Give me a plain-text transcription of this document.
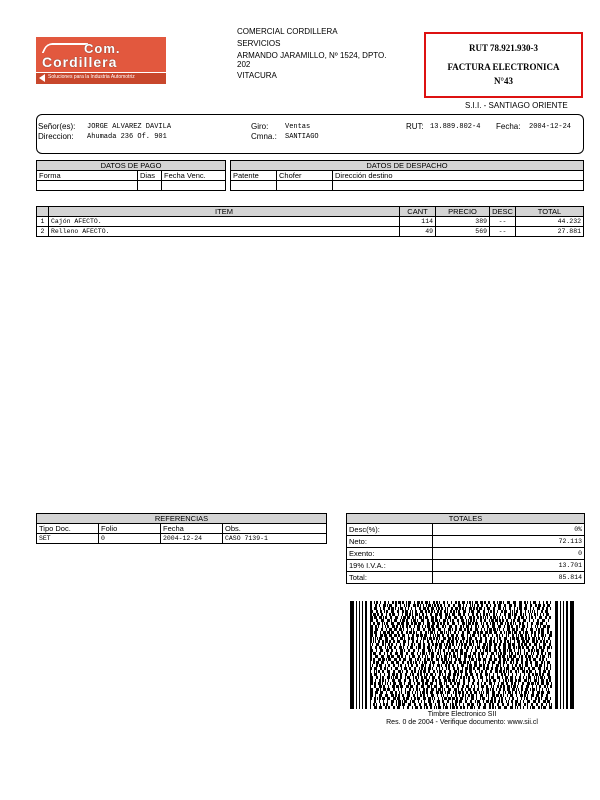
Com.
Cordillera
Soluciones para la Industria Automotriz
COMERCIAL CORDILLERA
SERVICIOS
ARMANDO JARAMILLO, Nº 1524, DPTO. 202
VITACURA
RUT 78.921.930-3
FACTURA ELECTRONICA
N°43
S.I.I. - SANTIAGO ORIENTE
Señor(es): JORGE ALVAREZ DAVILA
Direccion: Ahumada 236 Of. 901
Giro: Ventas
Cmna.: SANTIAGO
RUT: 13.889.802-4 Fecha: 2004-12-24
DATOS DE PAGO		
Forma	Dias	Fecha Venc.

DATOS DE DESPACHO		
Patente	Chofer	Dirección destino

	ITEM	CANT	PRECIO	DESC	TOTAL
1	Cajón AFECTO.	114	389	--	44.232
2	Relleno AFECTO.	49	569	--	27.881
REFERENCIAS			
Tipo Doc.	Folio	Fecha	Obs.
SET	0	2004-12-24	CASO 7139-1
TOTALES	
Desc(%):	0%
Neto:	72.113
Exento:	0
19% I.V.A.:	13.701
Total:	85.814
Timbre Electronico SII
Res. 0 de 2004 - Verifique documento: www.sii.cl
